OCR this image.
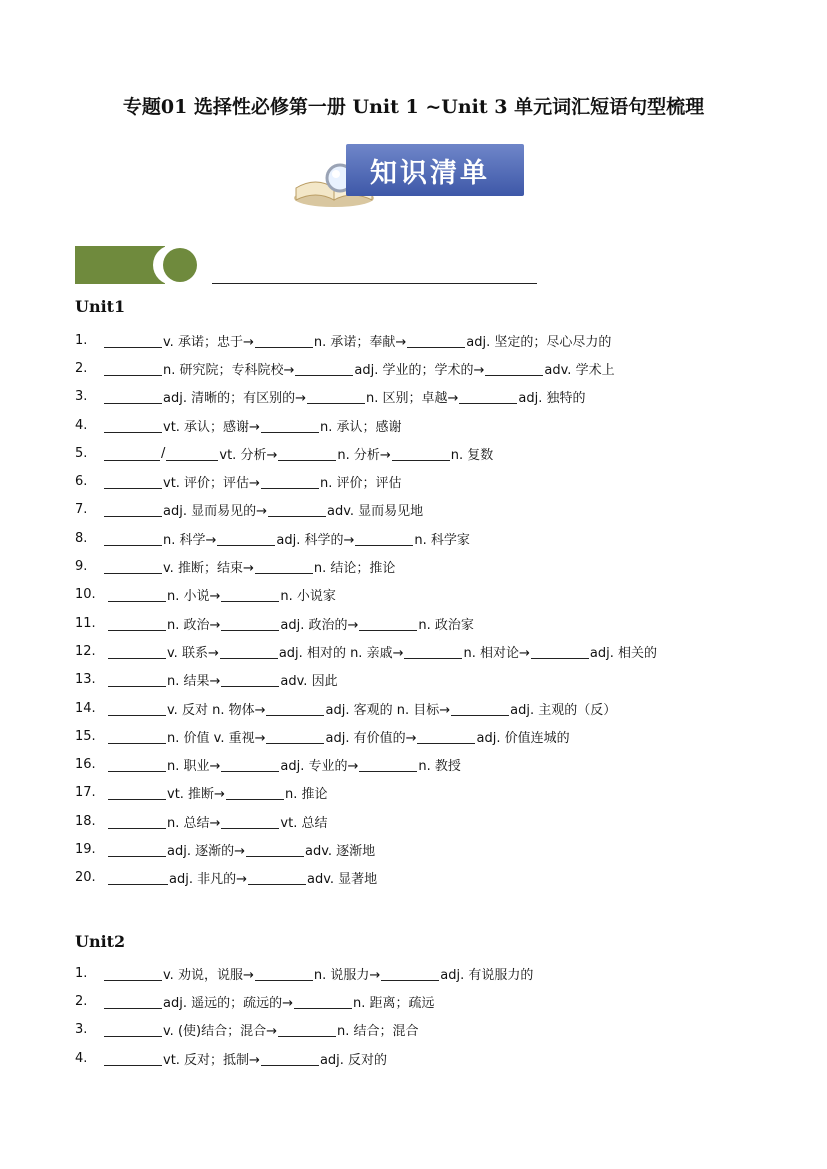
专题01 选择性必修第一册 Unit 1 ~Unit 3 单元词汇短语句型梳理
知识清单
Unit1
1.	v. 承诺；忠于→	n. 承诺；奉献→	adj. 坚定的；尽心尽力的
2.	n. 研究院；专科院校→	adj. 学业的；学术的→	adv. 学术上
3.	adj. 清晰的；有区别的→	n. 区别；卓越→	adj. 独特的
4.	vt. 承认；感谢→	n. 承认；感谢
5.	/	vt. 分析→	n. 分析→	n. 复数
6.	vt. 评价；评估→	n. 评价；评估
7.	adj. 显而易见的→	adv. 显而易见地
8.	n. 科学→	adj. 科学的→	n. 科学家
9.	v. 推断；结束→	n. 结论；推论
10.	n. 小说→	n. 小说家
11.	n. 政治→	adj. 政治的→	n. 政治家
12.	v. 联系→	adj. 相对的 n. 亲戚→	n. 相对论→	adj. 相关的
13.	n. 结果→	adv. 因此
14.	v. 反对 n. 物体→	adj. 客观的 n. 目标→	adj. 主观的（反）
15.	n. 价值 v. 重视→	adj. 有价值的→	adj. 价值连城的
16.	n. 职业→	adj. 专业的→	n. 教授
17.	vt. 推断→	n. 推论
18.	n. 总结→	vt. 总结
19.	adj. 逐渐的→	adv. 逐渐地
20.	adj. 非凡的→	adv. 显著地
Unit2
1.	v. 劝说，说服→	n. 说服力→	adj. 有说服力的
2.	adj. 遥远的；疏远的→	n. 距离；疏远
3.	v. (使)结合；混合→	n. 结合；混合
4.	vt. 反对；抵制→	adj. 反对的
